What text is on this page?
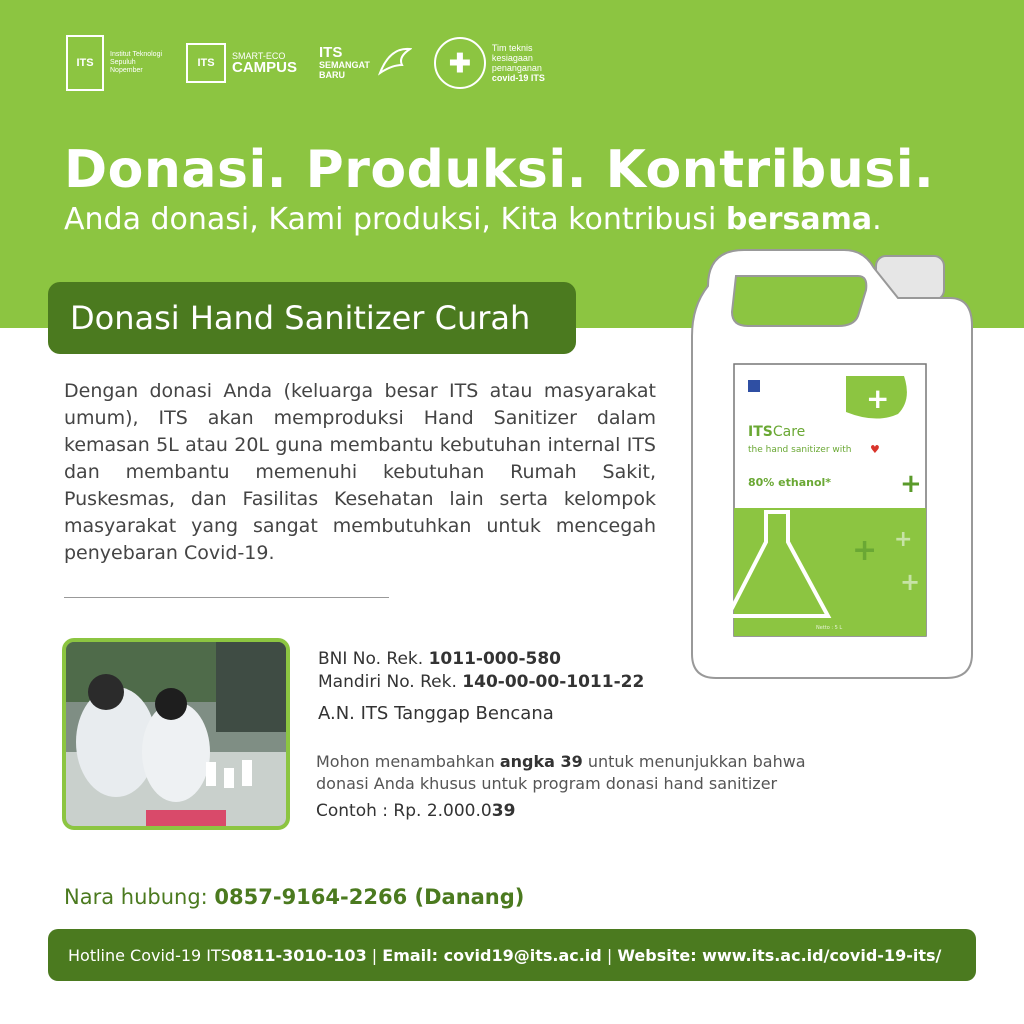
ITS
Institut Teknologi Sepuluh Nopember
ITS
SMART-ECO
CAMPUS
ITS
SEMANGAT
BARU	✚	Tim teknis
kesiagaan
penanganan
covid-19 ITS
Donasi. Produksi. Kontribusi.
Anda donasi, Kami produksi, Kita kontribusi bersama.
Donasi Hand Sanitizer Curah
Dengan donasi Anda (keluarga besar ITS atau masyarakat umum), ITS akan memproduksi Hand Sanitizer dalam kemasan 5L atau 20L guna membantu kebutuhan internal ITS dan membantu memenuhi kebutuhan Rumah Sakit, Puskesmas, dan Fasilitas Kesehatan lain serta kelompok masyarakat yang sangat membutuhkan untuk mencegah penyebaran Covid-19.
BNI No. Rek. 1011-000-580
Mandiri No. Rek. 140-00-00-1011-22
A.N. ITS Tanggap Bencana
Mohon menambahkan angka 39 untuk menunjukkan bahwa donasi Anda khusus untuk program donasi hand sanitizer
Contoh : Rp. 2.000.039
Nara hubung: 0857-9164-2266 (Danang)
Hotline Covid-19 ITS 0811-3010-103 | Email: covid19@its.ac.id | Website: www.its.ac.id/covid-19-its/
+
+
+ +
+
ITSCare
the hand sanitizer with ♥
80% ethanol*
Netto : 5 L
